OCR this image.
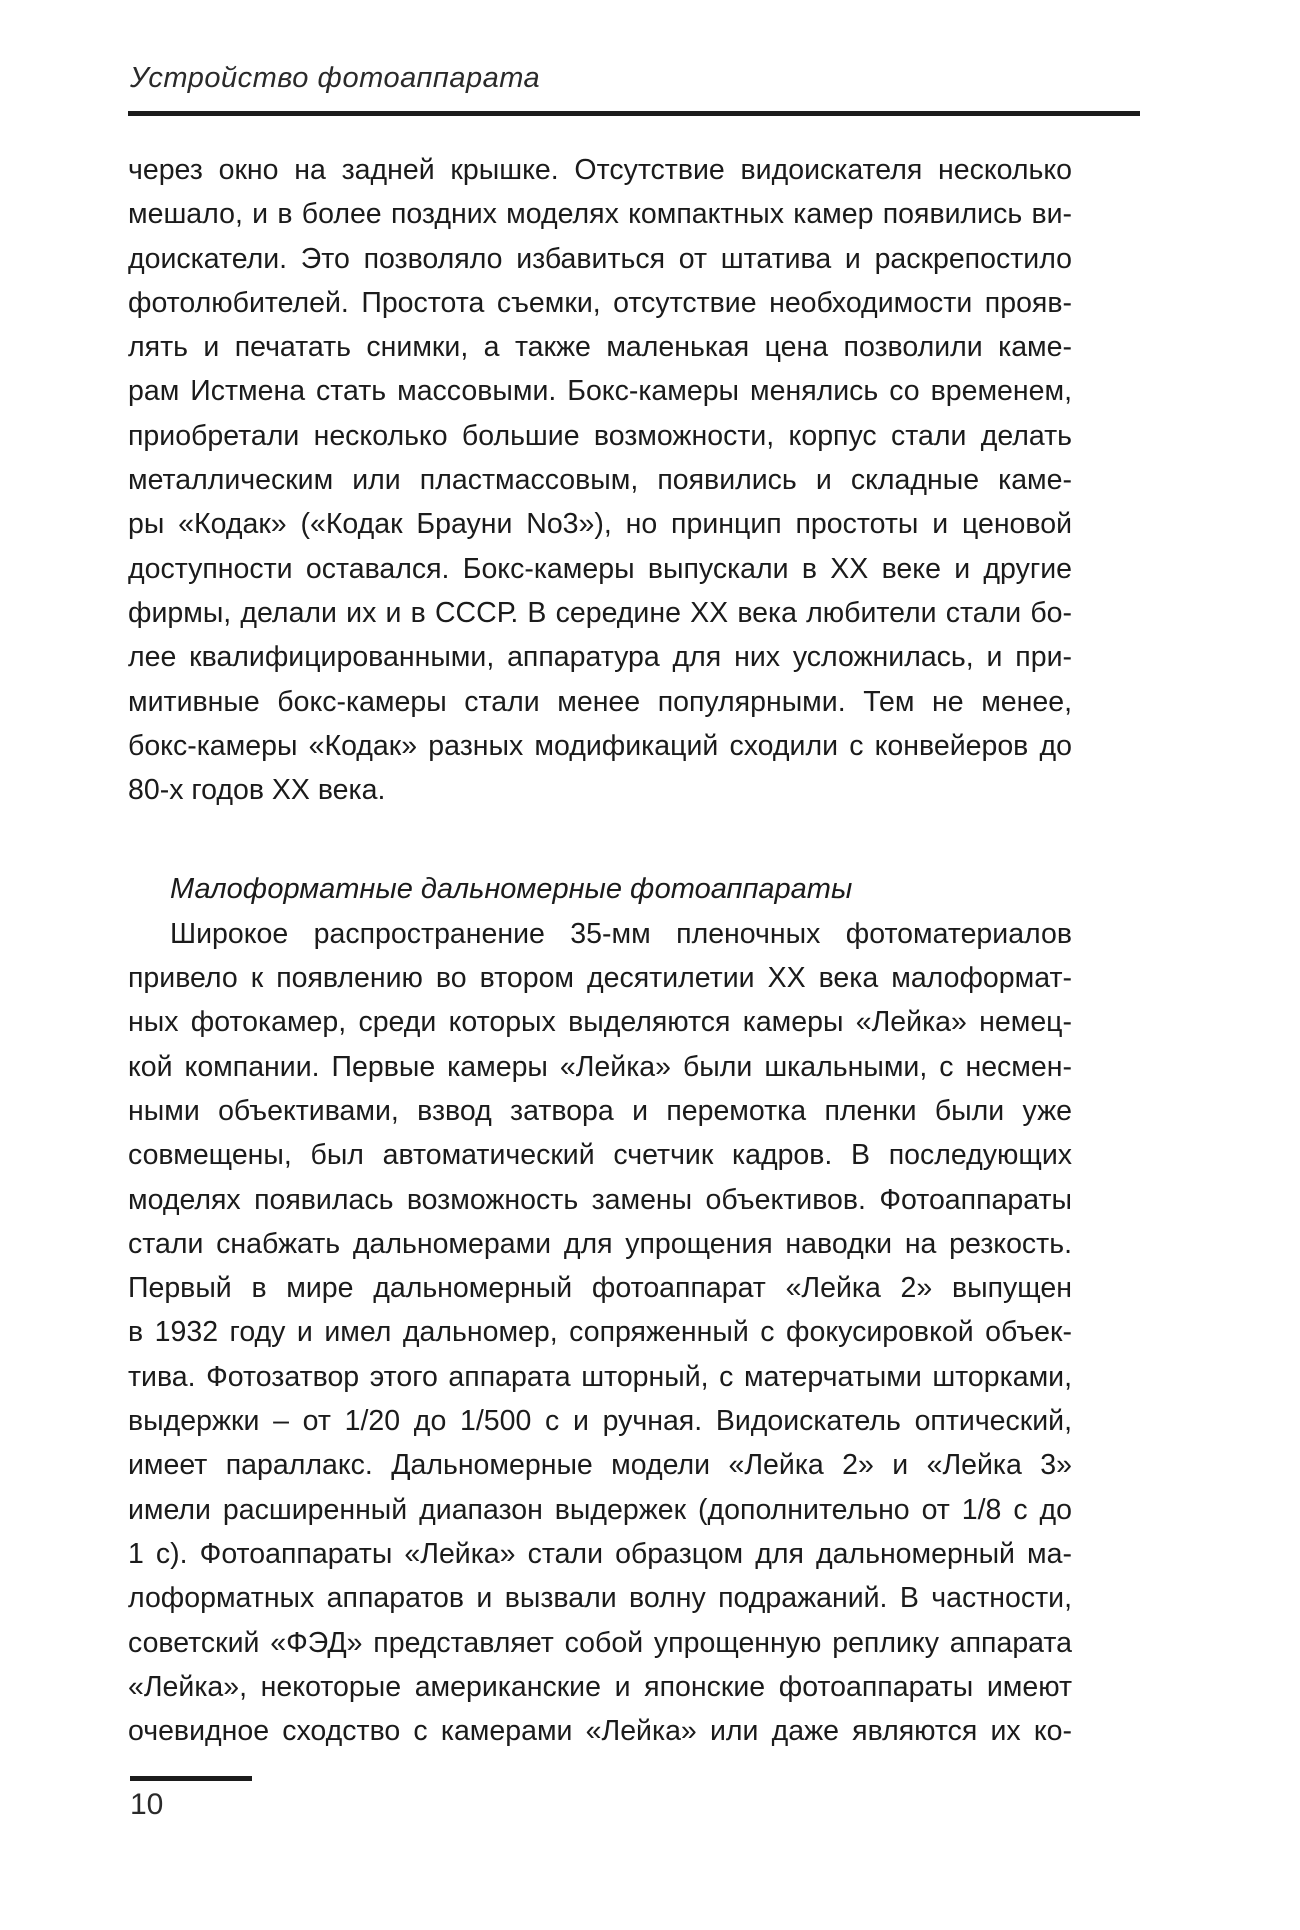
Устройство фотоаппарата
через окно на задней крышке. Отсутствие видоискателя несколько
мешало, и в более поздних моделях компактных камер появились ви-
доискатели. Это позволяло избавиться от штатива и раскрепостило
фотолюбителей. Простота съемки, отсутствие необходимости прояв-
лять и печатать снимки, а также маленькая цена позволили каме-
рам Истмена стать массовыми. Бокс-камеры менялись со временем,
приобретали несколько большие возможности, корпус стали делать
металлическим или пластмассовым, появились и складные каме-
ры «Кодак» («Кодак Брауни No3»), но принцип простоты и ценовой
доступности оставался. Бокс-камеры выпускали в XX веке и другие
фирмы, делали их и в СССР. В середине XX века любители стали бо-
лее квалифицированными, аппаратура для них усложнилась, и при-
митивные бокс-камеры стали менее популярными. Тем не менее,
бокс-камеры «Кодак» разных модификаций сходили с конвейеров до
80-х годов XX века.
Малоформатные дальномерные фотоаппараты
Широкое распространение 35-мм пленочных фотоматериалов
привело к появлению во втором десятилетии XX века малоформат-
ных фотокамер, среди которых выделяются камеры «Лейка» немец-
кой компании. Первые камеры «Лейка» были шкальными, с несмен-
ными объективами, взвод затвора и перемотка пленки были уже
совмещены, был автоматический счетчик кадров. В последующих
моделях появилась возможность замены объективов. Фотоаппараты
стали снабжать дальномерами для упрощения наводки на резкость.
Первый в мире дальномерный фотоаппарат «Лейка 2» выпущен
в 1932 году и имел дальномер, сопряженный с фокусировкой объек-
тива. Фотозатвор этого аппарата шторный, с матерчатыми шторками,
выдержки – от 1/20 до 1/500 с и ручная. Видоискатель оптический,
имеет параллакс. Дальномерные модели «Лейка 2» и «Лейка 3»
имели расширенный диапазон выдержек (дополнительно от 1/8 с до
1 с). Фотоаппараты «Лейка» стали образцом для дальномерный ма-
лоформатных аппаратов и вызвали волну подражаний. В частности,
советский «ФЭД» представляет собой упрощенную реплику аппарата
«Лейка», некоторые американские и японские фотоаппараты имеют
очевидное сходство с камерами «Лейка» или даже являются их ко-
10
